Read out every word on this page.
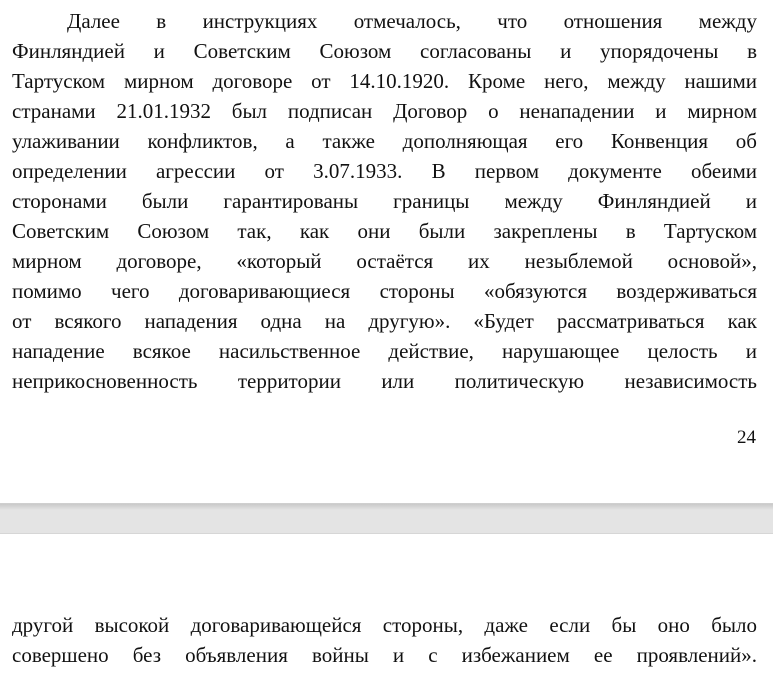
Далее в инструкциях отмечалось, что отношения между
Финляндией и Советским Союзом согласованы и упорядочены в
Тартуском мирном договоре от 14.10.1920. Кроме него, между нашими
странами 21.01.1932 был подписан Договор о ненападении и мирном
улаживании конфликтов, а также дополняющая его Конвенция об
определении агрессии от 3.07.1933. В первом документе обеими
сторонами были гарантированы границы между Финляндией и
Советским Союзом так, как они были закреплены в Тартуском
мирном договоре, «который остаётся их незыблемой основой»,
помимо чего договаривающиеся стороны «обязуются воздерживаться
от всякого нападения одна на другую». «Будет рассматриваться как
нападение всякое насильственное действие, нарушающее целость и
неприкосновенность территории или политическую независимость
24
другой высокой договаривающейся стороны, даже если бы оно было
совершено без объявления войны и с избежанием ее проявлений».
